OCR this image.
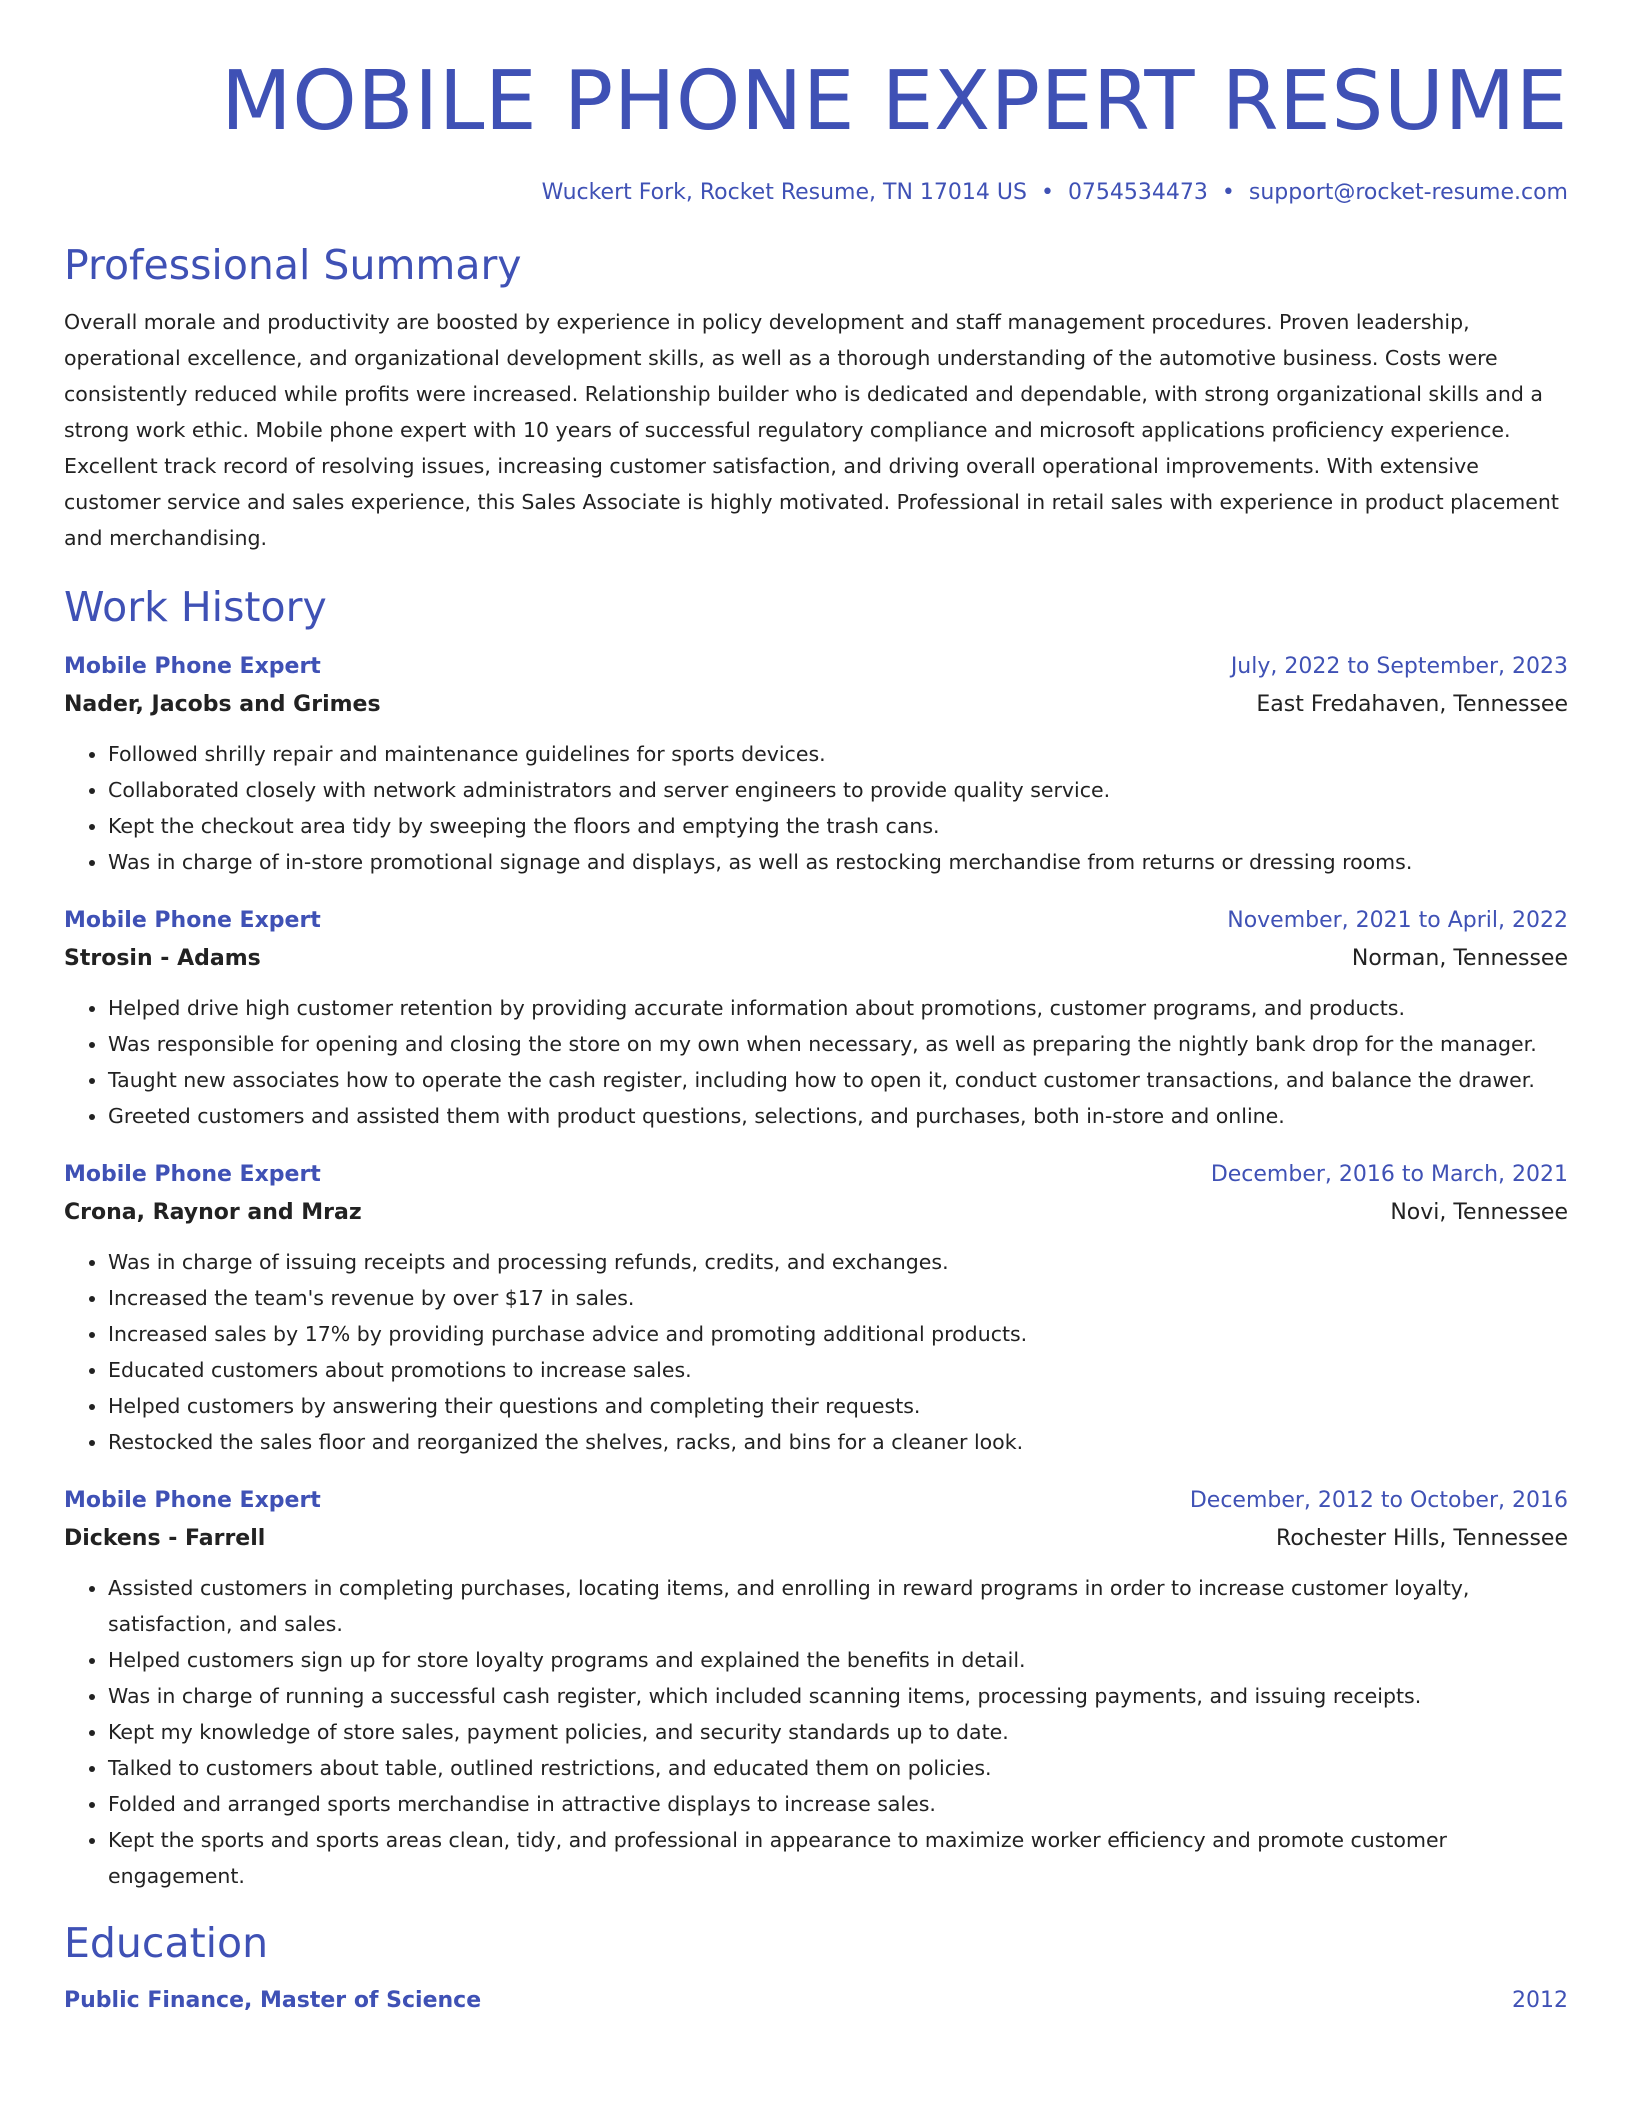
MOBILE PHONE EXPERT RESUME
Wuckert Fork, Rocket Resume, TN 17014 US • 0754534473 • support@rocket-resume.com
Professional Summary

Overall morale and productivity are boosted by experience in policy development and staff management procedures. Proven leadership, operational excellence, and organizational development skills, as well as a thorough understanding of the automotive business. Costs were consistently reduced while profits were increased. Relationship builder who is dedicated and dependable, with strong organizational skills and a strong work ethic. Mobile phone expert with 10 years of successful regulatory compliance and microsoft applications proficiency experience. Excellent track record of resolving issues, increasing customer satisfaction, and driving overall operational improvements. With extensive customer service and sales experience, this Sales Associate is highly motivated. Professional in retail sales with experience in product placement and merchandising.

Work History
Mobile Phone Expert	July, 2022 to September, 2023
Nader, Jacobs and Grimes	East Fredahaven, Tennessee
• Followed shrilly repair and maintenance guidelines for sports devices.
• Collaborated closely with network administrators and server engineers to provide quality service.
• Kept the checkout area tidy by sweeping the floors and emptying the trash cans.
• Was in charge of in-store promotional signage and displays, as well as restocking merchandise from returns or dressing rooms.
Mobile Phone Expert	November, 2021 to April, 2022
Strosin - Adams	Norman, Tennessee
• Helped drive high customer retention by providing accurate information about promotions, customer programs, and products.
• Was responsible for opening and closing the store on my own when necessary, as well as preparing the nightly bank drop for the manager.
• Taught new associates how to operate the cash register, including how to open it, conduct customer transactions, and balance the drawer.
• Greeted customers and assisted them with product questions, selections, and purchases, both in-store and online.
Mobile Phone Expert	December, 2016 to March, 2021
Crona, Raynor and Mraz	Novi, Tennessee
• Was in charge of issuing receipts and processing refunds, credits, and exchanges.
• Increased the team's revenue by over $17 in sales.
• Increased sales by 17% by providing purchase advice and promoting additional products.
• Educated customers about promotions to increase sales.
• Helped customers by answering their questions and completing their requests.
• Restocked the sales floor and reorganized the shelves, racks, and bins for a cleaner look.
Mobile Phone Expert	December, 2012 to October, 2016
Dickens - Farrell	Rochester Hills, Tennessee
• Assisted customers in completing purchases, locating items, and enrolling in reward programs in order to increase customer loyalty, satisfaction, and sales.
• Helped customers sign up for store loyalty programs and explained the benefits in detail.
• Was in charge of running a successful cash register, which included scanning items, processing payments, and issuing receipts.
• Kept my knowledge of store sales, payment policies, and security standards up to date.
• Talked to customers about table, outlined restrictions, and educated them on policies.
• Folded and arranged sports merchandise in attractive displays to increase sales.
• Kept the sports and sports areas clean, tidy, and professional in appearance to maximize worker efficiency and promote customer engagement.
Education
Public Finance, Master of Science	2012
